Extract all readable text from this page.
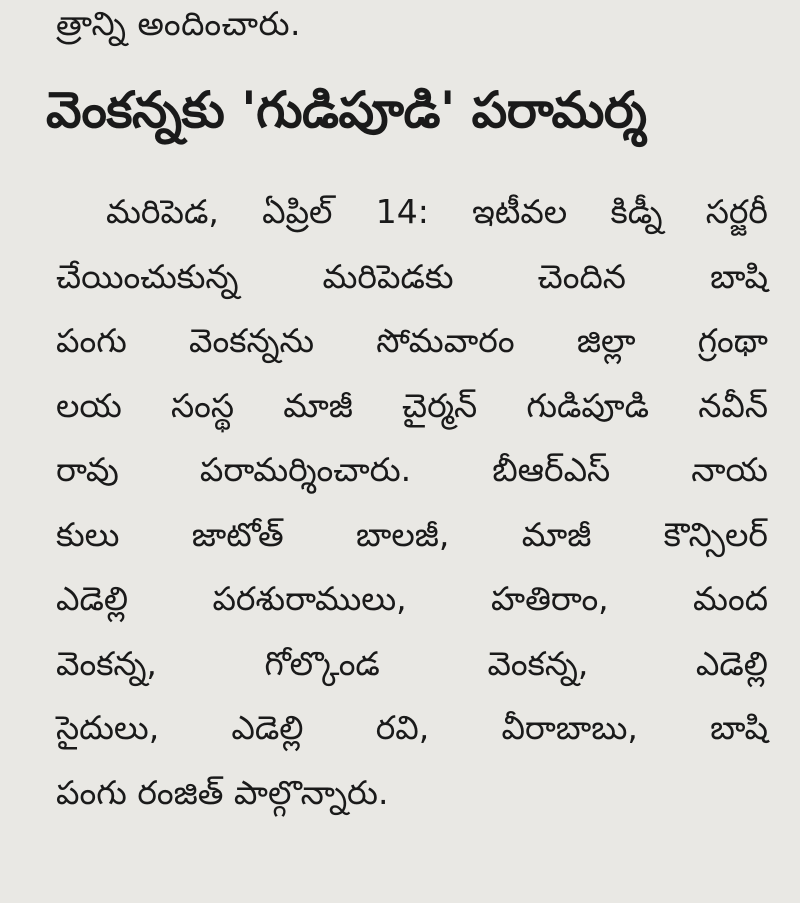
త్రాన్ని అందించారు.
వెంకన్నకు 'గుడిపూడి' పరామర్శ
మరిపెడ, ఏప్రిల్ 14: ఇటీవల కిడ్నీ సర్జరీ
చేయించుకున్న మరిపెడకు చెందిన బాషి
పంగు వెంకన్నను సోమవారం జిల్లా గ్రంథా
లయ సంస్థ మాజీ చైర్మన్ గుడిపూడి నవీన్
రావు పరామర్శించారు. బీఆర్ఎస్ నాయ
కులు జాటోత్ బాలజీ, మాజీ కౌన్సిలర్
ఎడెల్లి పరశురాములు, హతిరాం, మంద
వెంకన్న, గోల్కొండ వెంకన్న, ఎడెల్లి
సైదులు, ఎడెల్లి రవి, వీరాబాబు, బాషి
పంగు రంజిత్ పాల్గొన్నారు.
